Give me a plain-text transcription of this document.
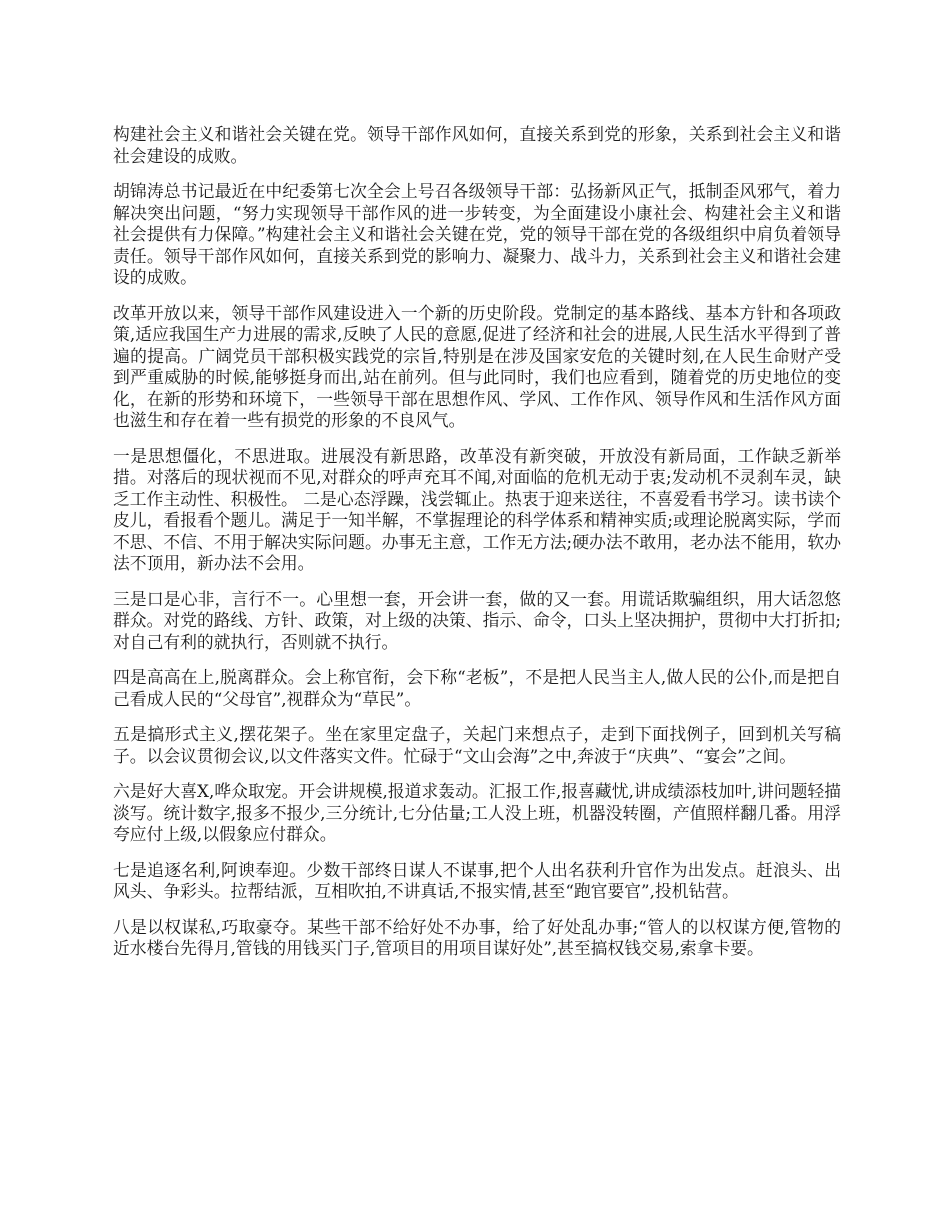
构建社会主义和谐社会关键在党。领导干部作风如何，直接关系到党的形象，关系到社会主义和谐社会建设的成败。

胡锦涛总书记最近在中纪委第七次全会上号召各级领导干部：弘扬新风正气，抵制歪风邪气，着力解决突出问题，“努力实现领导干部作风的进一步转变，为全面建设小康社会、构建社会主义和谐社会提供有力保障。”构建社会主义和谐社会关键在党，党的领导干部在党的各级组织中肩负着领导责任。领导干部作风如何，直接关系到党的影响力、凝聚力、战斗力，关系到社会主义和谐社会建设的成败。

改革开放以来，领导干部作风建设进入一个新的历史阶段。党制定的基本路线、基本方针和各项政策,适应我国生产力进展的需求,反映了人民的意愿,促进了经济和社会的进展,人民生活水平得到了普遍的提高。广阔党员干部积极实践党的宗旨,特别是在涉及国家安危的关键时刻,在人民生命财产受到严重威胁的时候,能够挺身而出,站在前列。但与此同时，我们也应看到，随着党的历史地位的变化，在新的形势和环境下，一些领导干部在思想作风、学风、工作作风、领导作风和生活作风方面也滋生和存在着一些有损党的形象的不良风气。

一是思想僵化，不思进取。进展没有新思路，改革没有新突破，开放没有新局面，工作缺乏新举措。对落后的现状视而不见,对群众的呼声充耳不闻,对面临的危机无动于衷;发动机不灵刹车灵，缺乏工作主动性、积极性。 二是心态浮躁，浅尝辄止。热衷于迎来送往，不喜爱看书学习。读书读个皮儿，看报看个题儿。满足于一知半解，不掌握理论的科学体系和精神实质;或理论脱离实际，学而不思、不信、不用于解决实际问题。办事无主意，工作无方法;硬办法不敢用，老办法不能用，软办法不顶用，新办法不会用。

三是口是心非，言行不一。心里想一套，开会讲一套，做的又一套。用谎话欺骗组织，用大话忽悠群众。对党的路线、方针、政策，对上级的决策、指示、命令，口头上坚决拥护，贯彻中大打折扣;对自己有利的就执行，否则就不执行。

四是高高在上,脱离群众。会上称官衔，会下称“老板”，不是把人民当主人,做人民的公仆,而是把自己看成人民的“父母官”,视群众为“草民”。

五是搞形式主义,摆花架子。坐在家里定盘子，关起门来想点子，走到下面找例子，回到机关写稿子。以会议贯彻会议,以文件落实文件。忙碌于“文山会海”之中,奔波于“庆典”、“宴会”之间。

六是好大喜X,哗众取宠。开会讲规模,报道求轰动。汇报工作,报喜藏忧,讲成绩添枝加叶,讲问题轻描淡写。统计数字,报多不报少,三分统计,七分估量;工人没上班，机器没转圈，产值照样翻几番。用浮夸应付上级,以假象应付群众。

七是追逐名利,阿谀奉迎。少数干部终日谋人不谋事,把个人出名获利升官作为出发点。赶浪头、出风头、争彩头。拉帮结派，互相吹拍,不讲真话,不报实情,甚至“跑官要官”,投机钻营。

八是以权谋私,巧取豪夺。某些干部不给好处不办事，给了好处乱办事;“管人的以权谋方便,管物的近水楼台先得月,管钱的用钱买门子,管项目的用项目谋好处”,甚至搞权钱交易,索拿卡要。
